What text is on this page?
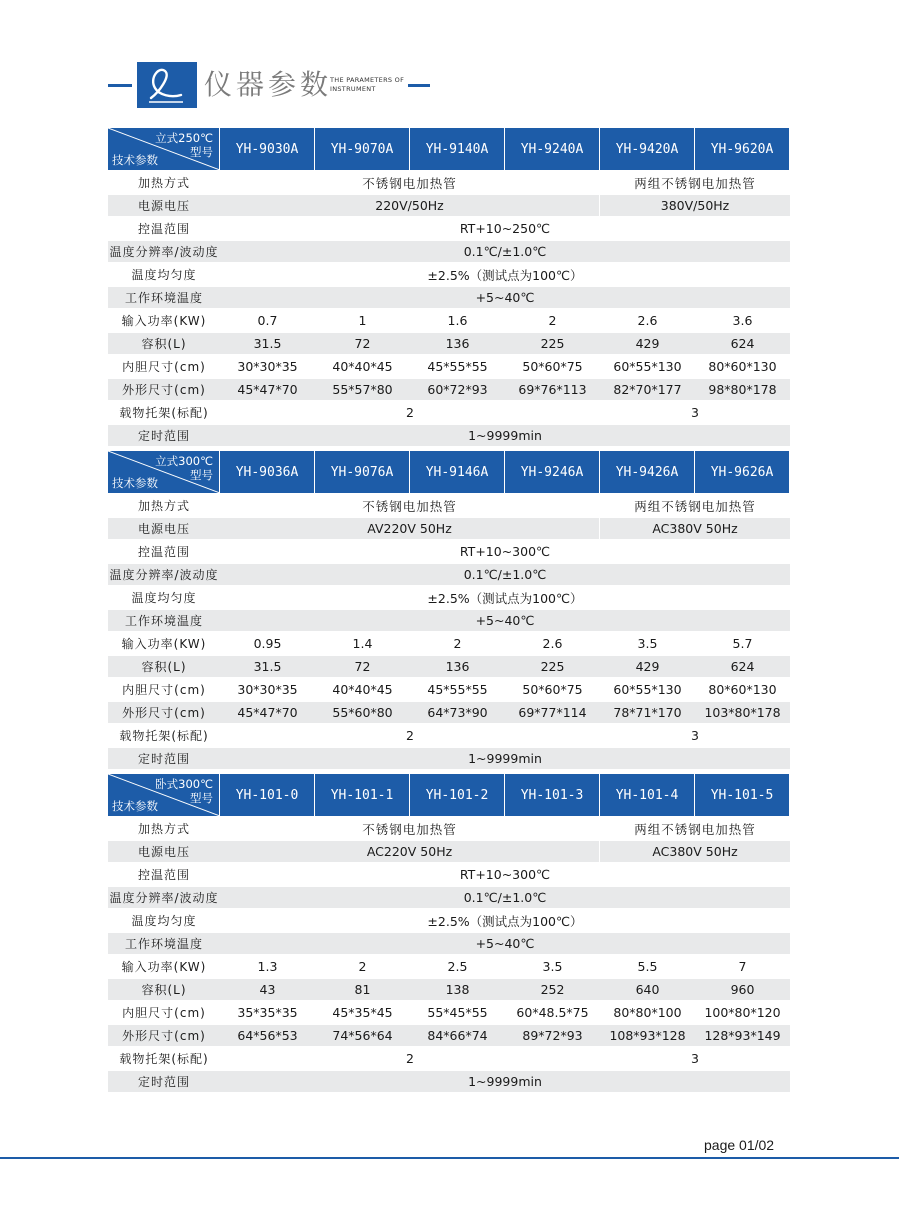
仪器参数
THE PARAMETERS OF
INSTRUMENT
立式250℃
型号
技术参数	YH-9030A	YH-9070A	YH-9140A	YH-9240A	YH-9420A	YH-9620A
加热方式	不锈钢电加热管				两组不锈钢电加热管	
电源电压	220V/50Hz				380V/50Hz	
控温范围	RT+10~250℃					
温度分辨率/波动度	0.1℃/±1.0℃					
温度均匀度	±2.5%（测试点为100℃）					
工作环境温度	+5~40℃					
输入功率(KW)	0.7	1	1.6	2	2.6	3.6
容积(L)	31.5	72	136	225	429	624
内胆尺寸(cm)	30*30*35	40*40*45	45*55*55	50*60*75	60*55*130	80*60*130
外形尺寸(cm)	45*47*70	55*57*80	60*72*93	69*76*113	82*70*177	98*80*178
载物托架(标配)	2				3	
定时范围	1~9999min					
立式300℃
型号
技术参数	YH-9036A	YH-9076A	YH-9146A	YH-9246A	YH-9426A	YH-9626A
加热方式	不锈钢电加热管				两组不锈钢电加热管	
电源电压	AV220V 50Hz				AC380V 50Hz	
控温范围	RT+10~300℃					
温度分辨率/波动度	0.1℃/±1.0℃					
温度均匀度	±2.5%（测试点为100℃）					
工作环境温度	+5~40℃					
输入功率(KW)	0.95	1.4	2	2.6	3.5	5.7
容积(L)	31.5	72	136	225	429	624
内胆尺寸(cm)	30*30*35	40*40*45	45*55*55	50*60*75	60*55*130	80*60*130
外形尺寸(cm)	45*47*70	55*60*80	64*73*90	69*77*114	78*71*170	103*80*178
载物托架(标配)	2				3	
定时范围	1~9999min					
卧式300℃
型号
技术参数	YH-101-0	YH-101-1	YH-101-2	YH-101-3	YH-101-4	YH-101-5
加热方式	不锈钢电加热管				两组不锈钢电加热管	
电源电压	AC220V 50Hz				AC380V 50Hz	
控温范围	RT+10~300℃					
温度分辨率/波动度	0.1℃/±1.0℃					
温度均匀度	±2.5%（测试点为100℃）					
工作环境温度	+5~40℃					
输入功率(KW)	1.3	2	2.5	3.5	5.5	7
容积(L)	43	81	138	252	640	960
内胆尺寸(cm)	35*35*35	45*35*45	55*45*55	60*48.5*75	80*80*100	100*80*120
外形尺寸(cm)	64*56*53	74*56*64	84*66*74	89*72*93	108*93*128	128*93*149
载物托架(标配)	2				3	
定时范围	1~9999min					
page 01/02
